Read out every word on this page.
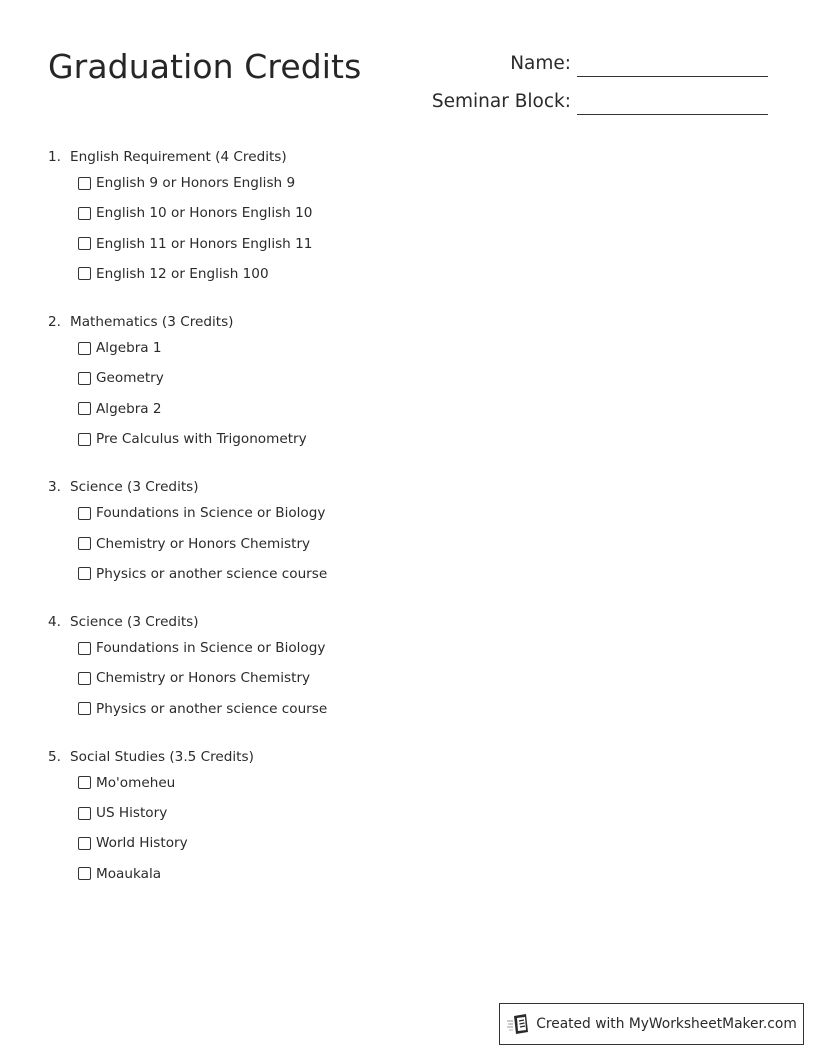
Graduation Credits	Name:
Seminar Block:
1. English Requirement (4 Credits)
English 9 or Honors English 9
English 10 or Honors English 10
English 11 or Honors English 11
English 12 or English 100
2. Mathematics (3 Credits)
Algebra 1
Geometry
Algebra 2
Pre Calculus with Trigonometry
3. Science (3 Credits)
Foundations in Science or Biology
Chemistry or Honors Chemistry
Physics or another science course
4. Science (3 Credits)
Foundations in Science or Biology
Chemistry or Honors Chemistry
Physics or another science course
5. Social Studies (3.5 Credits)
Mo'omeheu
US History
World History
Moaukala
Created with MyWorksheetMaker.com
